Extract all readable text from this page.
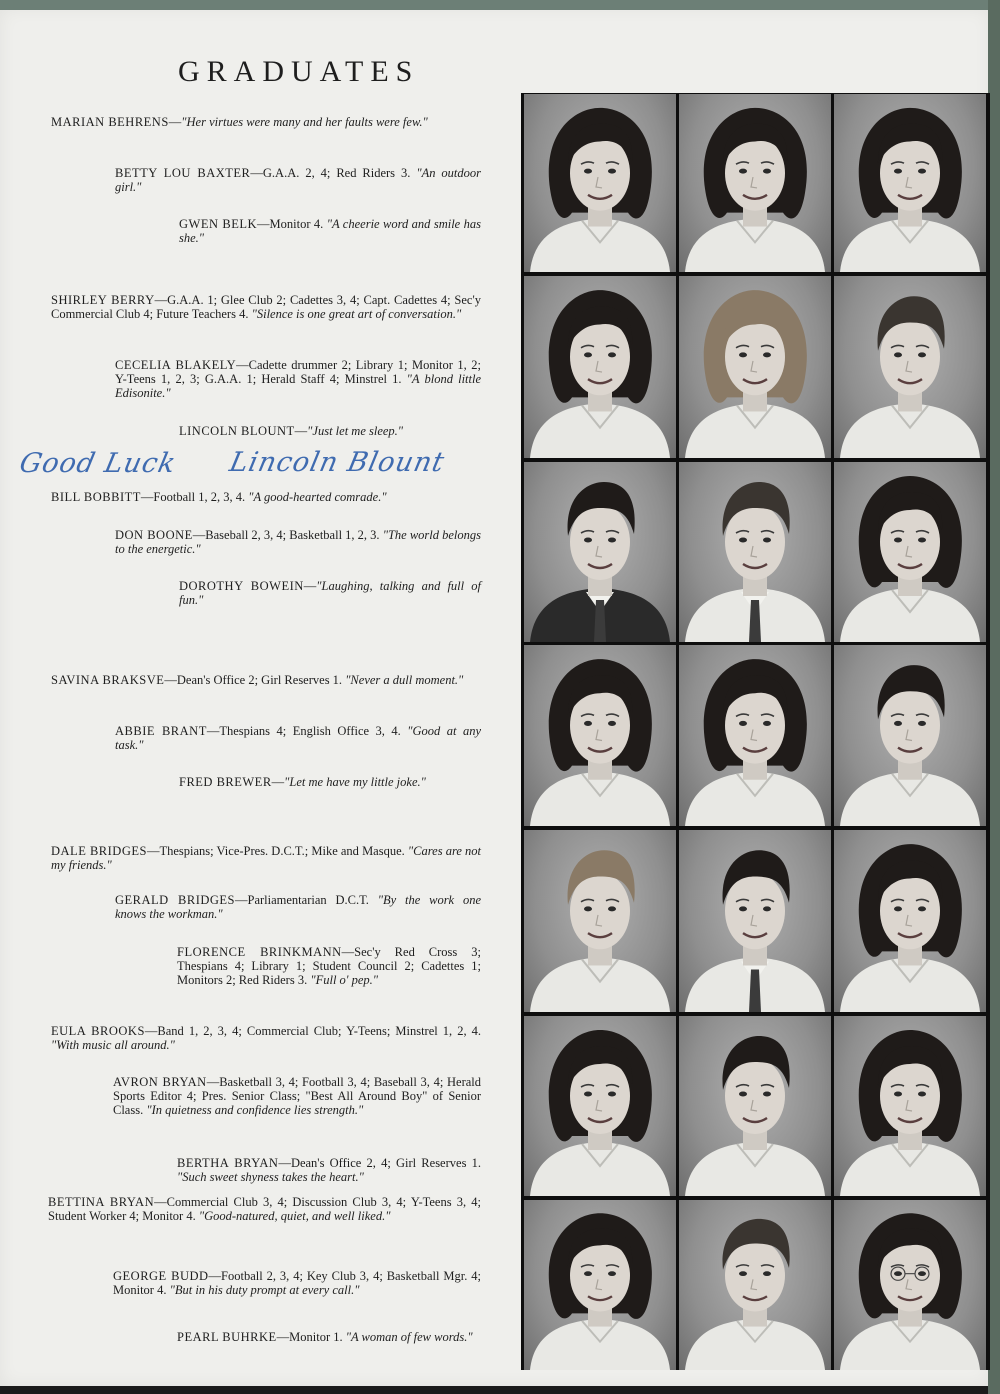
GRADUATES

MARIAN BEHRENS—"Her virtues were many and her faults were few."

BETTY LOU BAXTER—G.A.A. 2, 4; Red Riders 3. "An outdoor girl."

GWEN BELK—Monitor 4. "A cheerie word and smile has she."

SHIRLEY BERRY—G.A.A. 1; Glee Club 2; Cadettes 3, 4; Capt. Cadettes 4; Sec'y Commercial Club 4; Future Teachers 4. "Silence is one great art of conversation."

CECELIA BLAKELY—Cadette drummer 2; Library 1; Monitor 1, 2; Y-Teens 1, 2, 3; G.A.A. 1; Herald Staff 4; Minstrel 1. "A blond little Edisonite."

LINCOLN BLOUNT—"Just let me sleep."

BILL BOBBITT—Football 1, 2, 3, 4. "A good-hearted comrade."

DON BOONE—Baseball 2, 3, 4; Basketball 1, 2, 3. "The world belongs to the energetic."

DOROTHY BOWEIN—"Laughing, talking and full of fun."

SAVINA BRAKSVE—Dean's Office 2; Girl Reserves 1. "Never a dull moment."

ABBIE BRANT—Thespians 4; English Office 3, 4. "Good at any task."

FRED BREWER—"Let me have my little joke."

DALE BRIDGES—Thespians; Vice-Pres. D.C.T.; Mike and Masque. "Cares are not my friends."

GERALD BRIDGES—Parliamentarian D.C.T. "By the work one knows the workman."

FLORENCE BRINKMANN—Sec'y Red Cross 3; Thespians 4; Library 1; Student Council 2; Cadettes 1; Monitors 2; Red Riders 3. "Full o' pep."

EULA BROOKS—Band 1, 2, 3, 4; Commercial Club; Y-Teens; Minstrel 1, 2, 4. "With music all around."

AVRON BRYAN—Basketball 3, 4; Football 3, 4; Baseball 3, 4; Herald Sports Editor 4; Pres. Senior Class; "Best All Around Boy" of Senior Class. "In quietness and confidence lies strength."

BERTHA BRYAN—Dean's Office 2, 4; Girl Reserves 1. "Such sweet shyness takes the heart."

BETTINA BRYAN—Commercial Club 3, 4; Discussion Club 3, 4; Y-Teens 3, 4; Student Worker 4; Monitor 4. "Good-natured, quiet, and well liked."

GEORGE BUDD—Football 2, 3, 4; Key Club 3, 4; Basketball Mgr. 4; Monitor 4. "But in his duty prompt at every call."

PEARL BUHRKE—Monitor 1. "A woman of few words."

Good Luck Lincoln Blount
